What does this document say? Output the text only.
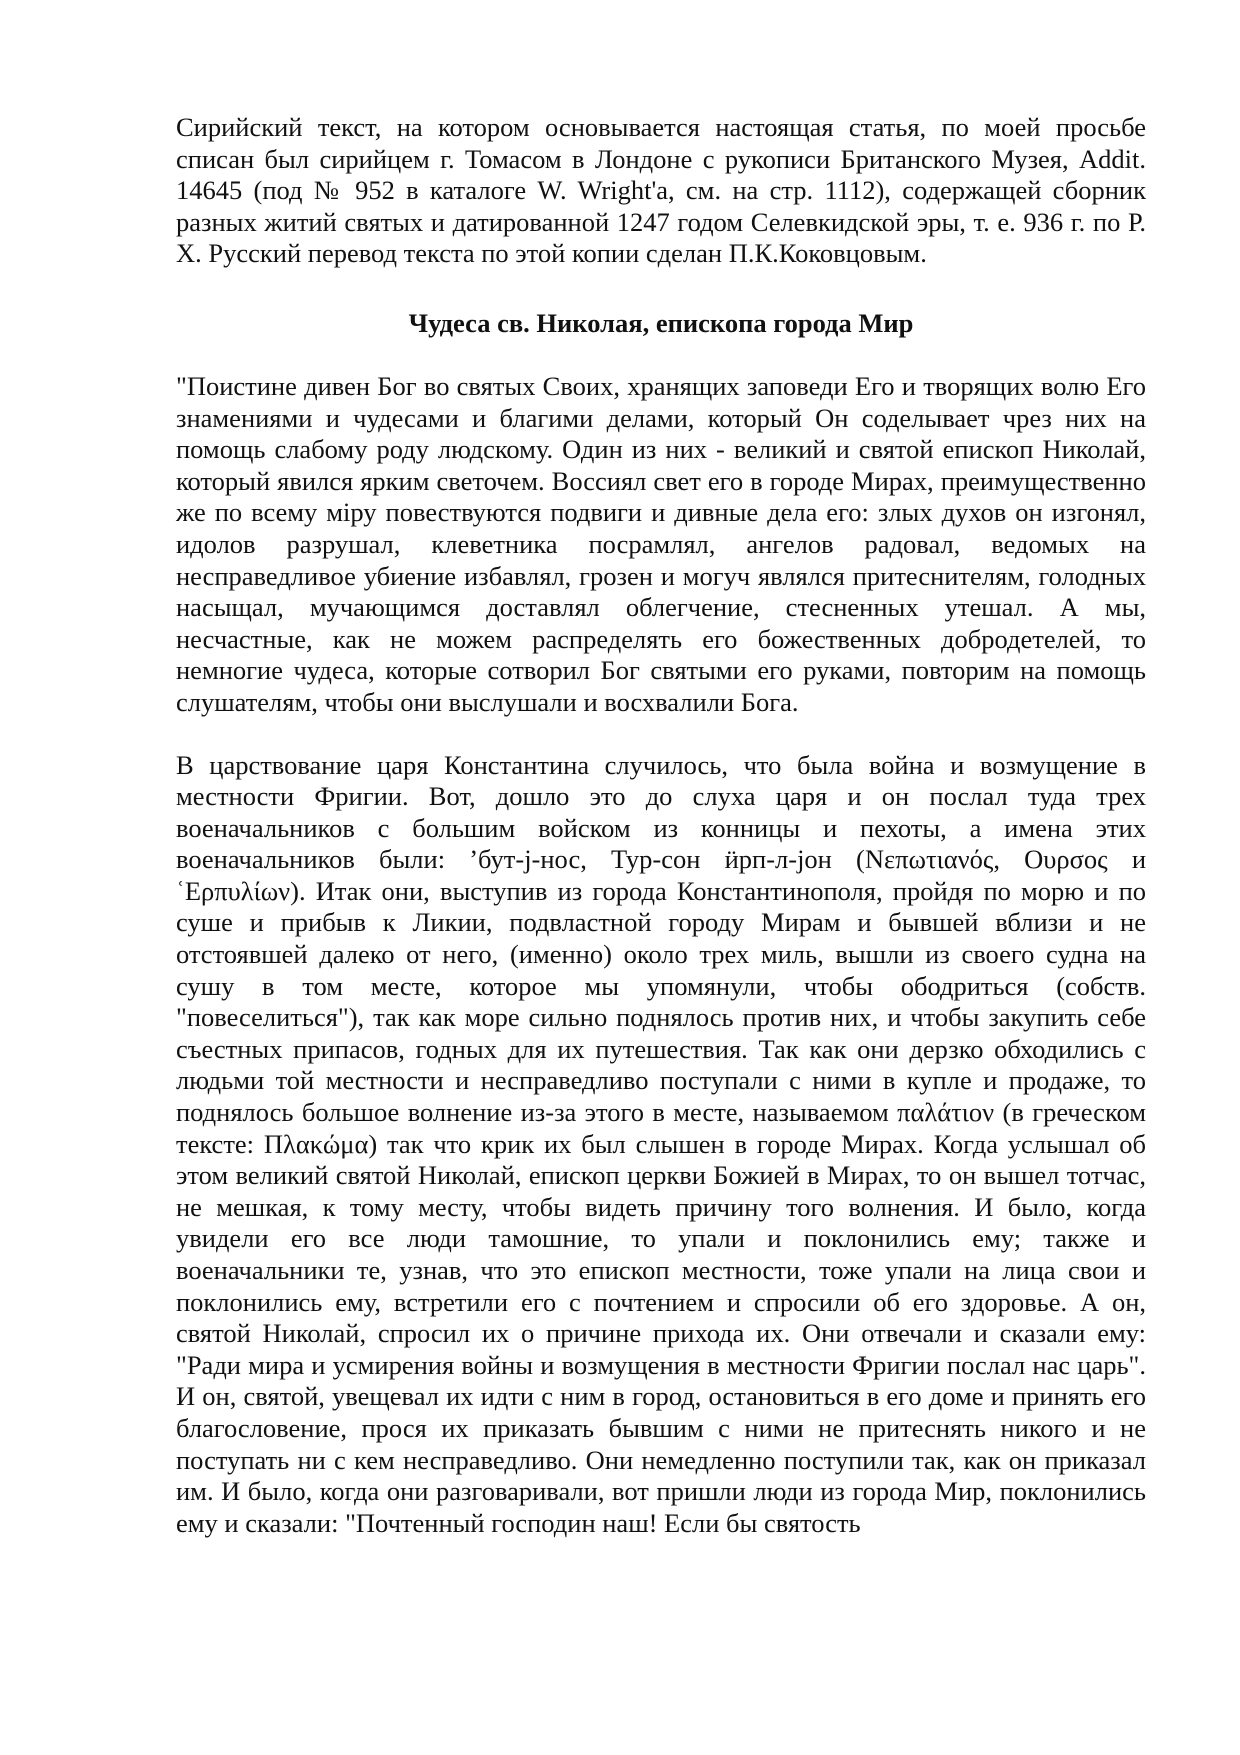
Сирийский текст, на котором основывается настоящая статья, по моей просьбе списан был сирийцем г. Томасом в Лондоне с рукописи Британского Музея, Addit. 14645 (под № 952 в каталоге W. Wright'a, см. на стр. 1112), содержащей сборник разных житий святых и датированной 1247 годом Селевкидской эры, т. е. 936 г. по Р. Х. Русский перевод текста по этой копии сделан П.К.Коковцовым.

Чудеса св. Николая, епископа города Мир

"Поистине дивен Бог во святых Своих, хранящих заповеди Его и творящих волю Его знамениями и чудесами и благими делами, который Он соделывает чрез них на помощь слабому роду людскому. Один из них - великий и святой епископ Николай, который явился ярким светочем. Воссиял свет его в городе Мирах, преимущественно же по всему міру повествуются подвиги и дивные дела его: злых духов он изгонял, идолов разрушал, клеветника посрамлял, ангелов радовал, ведомых на несправедливое убиение избавлял, грозен и могуч являлся притеснителям, голодных насыщал, мучающимся доставлял облегчение, стесненных утешал. А мы, несчастные, как не можем распределять его божественных добродетелей, то немногие чудеса, которые сотворил Бог святыми его руками, повторим на помощь слушателям, чтобы они выслушали и восхвалили Бога.

В царствование царя Константина случилось, что была война и возмущение в местности Фригии. Вот, дошло это до слуха царя и он послал туда трех военачальников с большим войском из конницы и пехоты, а имена этих военачальников были: ’бут-j-нос, Тур-сон ӥрп-л-jон (Νεπωτιανός, Ουρσος и ʿΕρπυλίων). Итак они, выступив из города Константинополя, пройдя по морю и по суше и прибыв к Ликии, подвластной городу Мирам и бывшей вблизи и не отстоявшей далеко от него, (именно) около трех миль, вышли из своего судна на сушу в том месте, которое мы упомянули, чтобы ободриться (собств. "повеселиться"), так как море сильно поднялось против них, и чтобы закупить себе съестных припасов, годных для их путешествия. Так как они дерзко обходились с людьми той местности и несправедливо поступали с ними в купле и продаже, то поднялось большое волнение из-за этого в месте, называемом παλάτιον (в греческом тексте: Πλακώμα) так что крик их был слышен в городе Мирах. Когда услышал об этом великий святой Николай, епископ церкви Божией в Мирах, то он вышел тотчас, не мешкая, к тому месту, чтобы видеть причину того волнения. И было, когда увидели его все люди тамошние, то упали и поклонились ему; также и военачальники те, узнав, что это епископ местности, тоже упали на лица свои и поклонились ему, встретили его с почтением и спросили об его здоровье. А он, святой Николай, спросил их о причине прихода их. Они отвечали и сказали ему: "Ради мира и усмирения войны и возмущения в местности Фригии послал нас царь". И он, святой, увещевал их идти с ним в город, остановиться в его доме и принять его благословение, прося их приказать бывшим с ними не притеснять никого и не поступать ни с кем несправедливо. Они немедленно поступили так, как он приказал им. И было, когда они разговаривали, вот пришли люди из города Мир, поклонились ему и сказали: "Почтенный господин наш! Если бы святость
